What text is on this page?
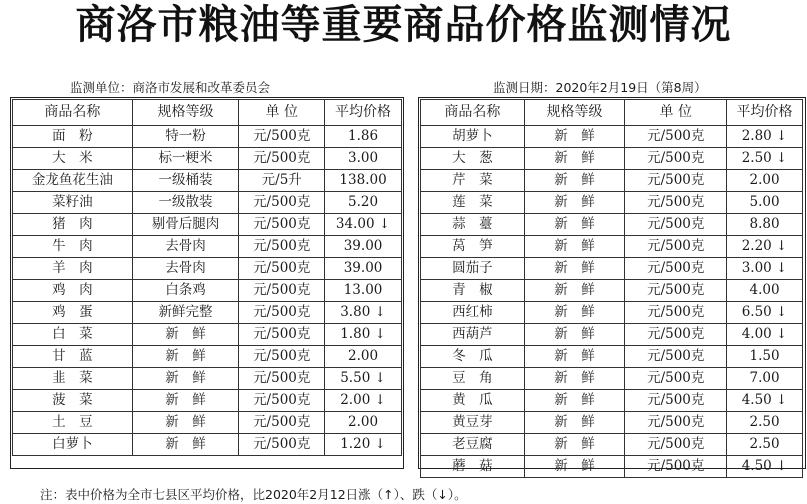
商洛市粮油等重要商品价格监测情况
监测单位：商洛市发展和改革委员会	监测日期：2020年2月19日（第8周）
商品名称	规格等级	单 位	平均价格
面　粉	特一粉	元/500克	1.86
大　米	标一粳米	元/500克	3.00
金龙鱼花生油	一级桶装	元/5升	138.00
菜籽油	一级散装	元/500克	5.20
猪　肉	剔骨后腿肉	元/500克	34.00 ↓
牛　肉	去骨肉	元/500克	39.00
羊　肉	去骨肉	元/500克	39.00
鸡　肉	白条鸡	元/500克	13.00
鸡　蛋	新鲜完整	元/500克	3.80 ↓
白　菜	新　鲜	元/500克	1.80 ↓
甘　蓝	新　鲜	元/500克	2.00
韭　菜	新　鲜	元/500克	5.50 ↓
菠　菜	新　鲜	元/500克	2.00 ↓
土　豆	新　鲜	元/500克	2.00
白萝卜	新　鲜	元/500克	1.20 ↓
商品名称	规格等级	单 位	平均价格
胡萝卜	新　鲜	元/500克	2.80 ↓
大　葱	新　鲜	元/500克	2.50 ↓
芹　菜	新　鲜	元/500克	2.00
莲　菜	新　鲜	元/500克	5.00
蒜　薹	新　鲜	元/500克	8.80
莴　笋	新　鲜	元/500克	2.20 ↓
圆茄子	新　鲜	元/500克	3.00 ↓
青　椒	新　鲜	元/500克	4.00
西红柿	新　鲜	元/500克	6.50 ↓
西葫芦	新　鲜	元/500克	4.00 ↓
冬　瓜	新　鲜	元/500克	1.50
豆　角	新　鲜	元/500克	7.00
黄　瓜	新　鲜	元/500克	4.50 ↓
黄豆芽	新　鲜	元/500克	2.50
老豆腐	新　鲜	元/500克	2.50
蘑　菇	新　鲜	元/500克	4.50 ↓
注：表中价格为全市七县区平均价格，比2020年2月12日涨（↑）、跌（↓）。
